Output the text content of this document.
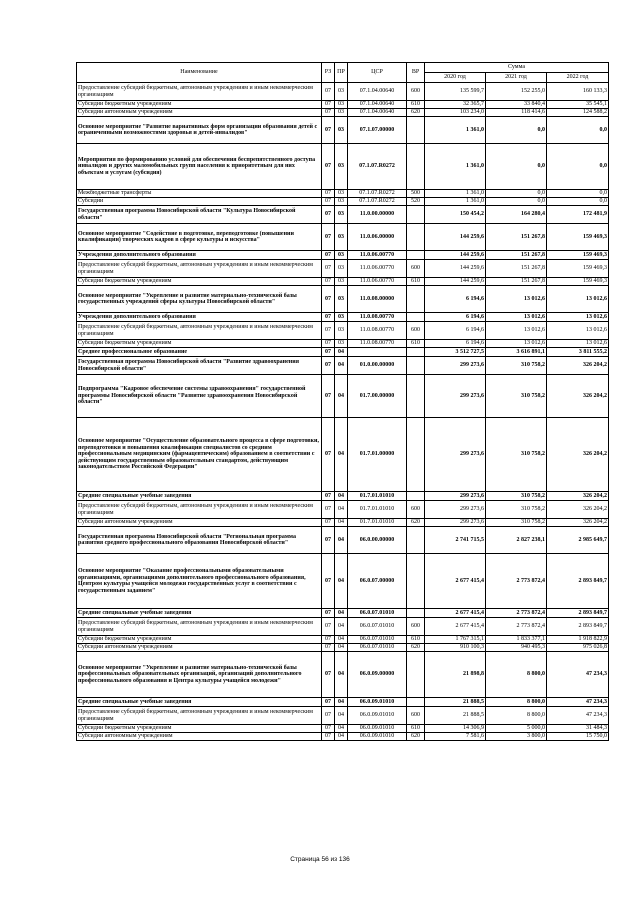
Наименование	РЗ	ПР	ЦСР	ВР	Сумма		
					2020 год	2021 год	2022 год
Предоставление субсидий бюджетным, автономным учреждениям и иным некоммерческим организациям	07	03	07.1.04.00640	600	135 599,7	152 255,0	160 133,3
Субсидии бюджетным учреждениям	07	03	07.1.04.00640	610	32 365,7	33 840,4	35 545,1
Субсидии автономным учреждениям	07	03	07.1.04.00640	620	103 234,0	118 414,6	124 588,2
Основное мероприятие "Развитие вариативных форм организации образования детей с ограниченными возможностями здоровья и детей-инвалидов"	07	03	07.1.07.00000		1 361,0	0,0	0,0
Мероприятия по формированию условий для обеспечения беспрепятственного доступа инвалидов и других маломобильных групп населения к приоритетным для них объектам и услугам (субсидия)	07	03	07.1.07.R0272		1 361,0	0,0	0,0
Межбюджетные трансферты	07	03	07.1.07.R0272	500	1 361,0	0,0	0,0
Субсидии	07	03	07.1.07.R0272	520	1 361,0	0,0	0,0
Государственная программа Новосибирской области "Культура Новосибирской области"	07	03	11.0.00.00000		150 454,2	164 280,4	172 481,9
Основное мероприятие "Содействие в подготовке, переподготовке (повышении квалификации) творческих кадров в сфере культуры и искусства"	07	03	11.0.06.00000		144 259,6	151 267,8	159 469,3
Учреждения дополнительного образования	07	03	11.0.06.00770		144 259,6	151 267,8	159 469,3
Предоставление субсидий бюджетным, автономным учреждениям и иным некоммерческим организациям	07	03	11.0.06.00770	600	144 259,6	151 267,8	159 469,3
Субсидии бюджетным учреждениям	07	03	11.0.06.00770	610	144 259,6	151 267,8	159 469,3
Основное мероприятие "Укрепление и развитие материально-технической базы государственных учреждений сферы культуры Новосибирской области"	07	03	11.0.08.00000		6 194,6	13 012,6	13 012,6
Учреждения дополнительного образования	07	03	11.0.08.00770		6 194,6	13 012,6	13 012,6
Предоставление субсидий бюджетным, автономным учреждениям и иным некоммерческим организациям	07	03	11.0.08.00770	600	6 194,6	13 012,6	13 012,6
Субсидии бюджетным учреждениям	07	03	11.0.08.00770	610	6 194,6	13 012,6	13 012,6
Среднее профессиональное образование	07	04			3 512 727,5	3 616 891,1	3 811 555,2
Государственная программа Новосибирской области "Развитие здравоохранения Новосибирской области"	07	04	01.0.00.00000		299 273,6	310 758,2	326 204,2
Подпрограмма "Кадровое обеспечение системы здравоохранения" государственной программы Новосибирской области "Развитие здравоохранения Новосибирской области"	07	04	01.7.00.00000		299 273,6	310 758,2	326 204,2
Основное мероприятие "Осуществление образовательного процесса в сфере подготовки, переподготовки и повышения квалификации специалистов со средним профессиональным медицинским (фармацевтическим) образованием в соответствии с действующим государственным образовательным стандартом, действующим законодательством Российской Федерации"	07	04	01.7.01.00000		299 273,6	310 758,2	326 204,2
Средние специальные учебные заведения	07	04	01.7.01.01010		299 273,6	310 758,2	326 204,2
Предоставление субсидий бюджетным, автономным учреждениям и иным некоммерческим организациям	07	04	01.7.01.01010	600	299 273,6	310 758,2	326 204,2
Субсидии автономным учреждениям	07	04	01.7.01.01010	620	299 273,6	310 758,2	326 204,2
Государственная программа Новосибирской области "Региональная программа развития среднего профессионального образования Новосибирской области"	07	04	06.0.00.00000		2 741 715,5	2 827 238,1	2 985 649,7
Основное мероприятие "Оказание профессиональными образовательными организациями, организациями дополнительного профессионального образования, Центром культуры учащейся молодежи государственных услуг в соответствии с государственным заданием"	07	04	06.0.07.00000		2 677 415,4	2 773 872,4	2 893 849,7
Средние специальные учебные заведения	07	04	06.0.07.01010		2 677 415,4	2 773 872,4	2 893 849,7
Предоставление субсидий бюджетным, автономным учреждениям и иным некоммерческим организациям	07	04	06.0.07.01010	600	2 677 415,4	2 773 872,4	2 893 849,7
Субсидии бюджетным учреждениям	07	04	06.0.07.01010	610	1 767 315,1	1 833 377,1	1 918 822,9
Субсидии автономным учреждениям	07	04	06.0.07.01010	620	910 100,3	940 495,3	975 026,8
Основное мероприятие "Укрепление и развитие материально-технической базы профессиональных образовательных организаций, организаций дополнительного профессионального образования и Центра культуры учащейся молодежи"	07	04	06.0.09.00000		21 898,8	8 800,0	47 234,3
Средние специальные учебные заведения	07	04	06.0.09.01010		21 888,5	8 800,0	47 234,3
Предоставление субсидий бюджетным, автономным учреждениям и иным некоммерческим организациям	07	04	06.0.09.01010	600	21 888,5	8 800,0	47 234,3
Субсидии бюджетным учреждениям	07	04	06.0.09.01010	610	14 306,9	5 000,0	31 484,3
Субсидии автономным учреждениям	07	04	06.0.09.01010	620	7 581,6	3 800,0	15 750,0
Страница 56 из 136
